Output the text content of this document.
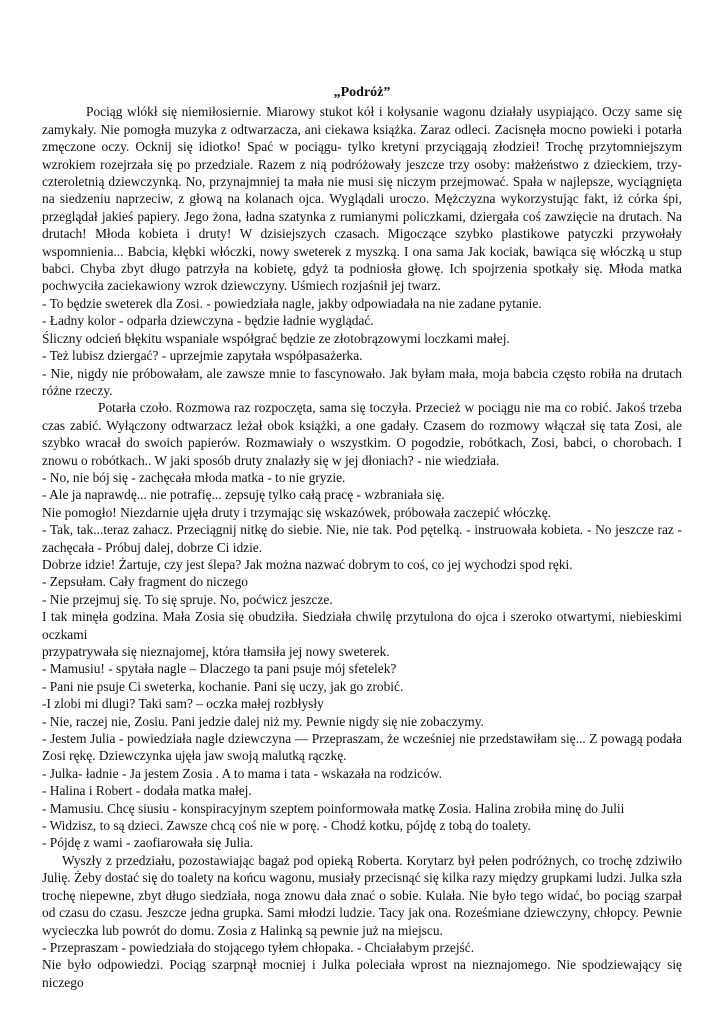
„Podróż”

Pociąg wlókł się niemiłosiernie. Miarowy stukot kół i kołysanie wagonu działały usypiająco. Oczy same się zamykały. Nie pomogła muzyka z odtwarzacza, ani ciekawa książka. Zaraz odleci. Zacisnęła mocno powieki i potarła zmęczone oczy. Ocknij się idiotko! Spać w pociągu- tylko kretyni przyciągają złodziei! Trochę przytomniejszym wzrokiem rozejrzała się po przedziale. Razem z nią podróżowały jeszcze trzy osoby: małżeństwo z dzieckiem, trzy-czteroletnią dziewczynką. No, przynajmniej ta mała nie musi się niczym przejmować. Spała w najlepsze, wyciągnięta na siedzeniu naprzeciw, z głową na kolanach ojca. Wyglądali uroczo. Mężczyzna wykorzystując fakt, iż córka śpi, przeglądał jakieś papiery. Jego żona, ładna szatynka z rumianymi policzkami, dziergała coś zawzięcie na drutach. Na drutach! Młoda kobieta i druty! W dzisiejszych czasach. Migoczące szybko plastikowe patyczki przywołały wspomnienia... Babcia, kłębki włóczki, nowy sweterek z myszką. I ona sama Jak kociak, bawiąca się włóczką u stup babci. Chyba zbyt długo patrzyła na kobietę, gdyż ta podniosła głowę. Ich spojrzenia spotkały się. Młoda matka pochwyciła zaciekawiony wzrok dziewczyny. Uśmiech rozjaśnił jej twarz.

- To będzie sweterek dla Zosi. - powiedziała nagle, jakby odpowiadała na nie zadane pytanie.

- Ładny kolor - odparła dziewczyna - będzie ładnie wyglądać.

Śliczny odcień błękitu wspaniale współgrać będzie ze złotobrązowymi loczkami małej.

- Też lubisz dziergać? - uprzejmie zapytała współpasażerka.

- Nie, nigdy nie próbowałam, ale zawsze mnie to fascynowało. Jak byłam mała, moja babcia często robiła na drutach różne rzeczy.

Potarła czoło. Rozmowa raz rozpoczęta, sama się toczyła. Przecież w pociągu nie ma co robić. Jakoś trzeba czas zabić. Wyłączony odtwarzacz leżał obok książki, a one gadały. Czasem do rozmowy włączał się tata Zosi, ale szybko wracał do swoich papierów. Rozmawiały o wszystkim. O pogodzie, robótkach, Zosi, babci, o chorobach. I znowu o robótkach.. W jaki sposób druty znalazły się w jej dłoniach? - nie wiedziała.

- No, nie bój się - zachęcała młoda matka - to nie gryzie.

- Ale ja naprawdę... nie potrafię... zepsuję tylko całą pracę - wzbraniała się.

Nie pomogło! Niezdarnie ujęła druty i trzymając się wskazówek, próbowała zaczepić włóczkę.

- Tak, tak...teraz zahacz. Przeciągnij nitkę do siebie. Nie, nie tak. Pod pętelką. - instruowała kobieta. - No jeszcze raz - zachęcała - Próbuj dalej, dobrze Ci idzie.

Dobrze idzie! Żartuje, czy jest ślepa? Jak można nazwać dobrym to coś, co jej wychodzi spod ręki.

- Zepsułam. Cały fragment do niczego

- Nie przejmuj się. To się spruje. No, poćwicz jeszcze.

I tak minęła godzina. Mała Zosia się obudziła. Siedziała chwilę przytulona do ojca i szeroko otwartymi, niebieskimi oczkami

przypatrywała się nieznajomej, która tłamsiła jej nowy sweterek.

- Mamusiu! - spytała nagle – Dlaczego ta pani psuje mój sfetelek?

- Pani nie psuje Ci sweterka, kochanie. Pani się uczy, jak go zrobić.

-I zlobi mi dlugi? Taki sam? – oczka małej rozbłysły

- Nie, raczej nie, Zosiu. Pani jedzie dalej niż my. Pewnie nigdy się nie zobaczymy.

- Jestem Julia - powiedziała nagle dziewczyna — Przepraszam, że wcześniej nie przedstawiłam się... Z powagą podała Zosi rękę. Dziewczynka ujęła jaw swoją malutką rączkę.

- Julka- ładnie - Ja jestem Zosia . A to mama i tata - wskazała na rodziców.

- Halina i Robert - dodała matka małej.

- Mamusiu. Chcę siusiu - konspiracyjnym szeptem poinformowała matkę Zosia. Halina zrobiła minę do Julii

- Widzisz, to są dzieci. Zawsze chcą coś nie w porę. - Chodź kotku, pójdę z tobą do toalety.

- Pójdę z wami - zaofiarowała się Julia.

Wyszły z przedziału, pozostawiając bagaż pod opieką Roberta. Korytarz był pełen podróżnych, co trochę zdziwiło Julię. Żeby dostać się do toalety na końcu wagonu, musiały przecisnąć się kilka razy między grupkami ludzi. Julka szła trochę niepewne, zbyt długo siedziała, noga znowu dała znać o sobie. Kulała. Nie było tego widać, bo pociąg szarpał od czasu do czasu. Jeszcze jedna grupka. Sami młodzi ludzie. Tacy jak ona. Roześmiane dziewczyny, chłopcy. Pewnie wycieczka lub powrót do domu. Zosia z Halinką są pewnie już na miejscu.

- Przepraszam - powiedziała do stojącego tyłem chłopaka. - Chciałabym przejść.

Nie było odpowiedzi. Pociąg szarpnął mocniej i Julka poleciała wprost na nieznajomego. Nie spodziewający się niczego
